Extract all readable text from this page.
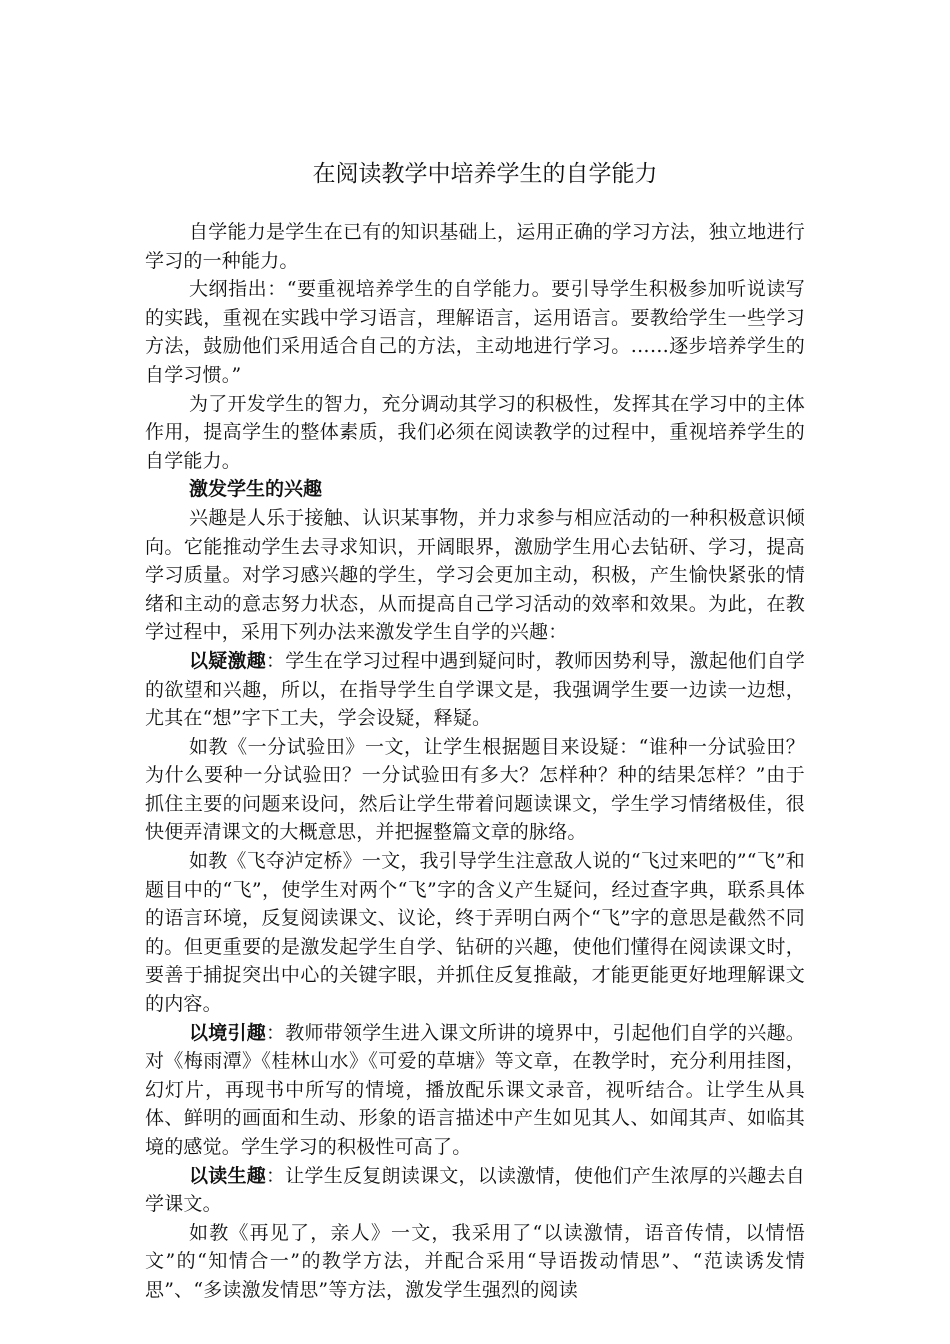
在阅读教学中培养学生的自学能力

自学能力是学生在已有的知识基础上，运用正确的学习方法，独立地进行学习的一种能力。

大纲指出：“要重视培养学生的自学能力。要引导学生积极参加听说读写的实践，重视在实践中学习语言，理解语言，运用语言。要教给学生一些学习方法，鼓励他们采用适合自己的方法，主动地进行学习。……逐步培养学生的自学习惯。”

为了开发学生的智力，充分调动其学习的积极性，发挥其在学习中的主体作用，提高学生的整体素质，我们必须在阅读教学的过程中，重视培养学生的自学能力。

激发学生的兴趣

兴趣是人乐于接触、认识某事物，并力求参与相应活动的一种积极意识倾向。它能推动学生去寻求知识，开阔眼界，激励学生用心去钻研、学习，提高学习质量。对学习感兴趣的学生，学习会更加主动，积极，产生愉快紧张的情绪和主动的意志努力状态，从而提高自己学习活动的效率和效果。为此，在教学过程中，采用下列办法来激发学生自学的兴趣：

以疑激趣：学生在学习过程中遇到疑问时，教师因势利导，激起他们自学的欲望和兴趣，所以，在指导学生自学课文是，我强调学生要一边读一边想，尤其在“想”字下工夫，学会设疑，释疑。

如教《一分试验田》一文，让学生根据题目来设疑：“谁种一分试验田？为什么要种一分试验田？一分试验田有多大？怎样种？种的结果怎样？”由于抓住主要的问题来设问，然后让学生带着问题读课文，学生学习情绪极佳，很快便弄清课文的大概意思，并把握整篇文章的脉络。

如教《飞夺泸定桥》一文，我引导学生注意敌人说的“飞过来吧的”“飞”和题目中的“飞”，使学生对两个“飞”字的含义产生疑问，经过查字典，联系具体的语言环境，反复阅读课文、议论，终于弄明白两个“飞”字的意思是截然不同的。但更重要的是激发起学生自学、钻研的兴趣，使他们懂得在阅读课文时，要善于捕捉突出中心的关键字眼，并抓住反复推敲，才能更能更好地理解课文的内容。

以境引趣：教师带领学生进入课文所讲的境界中，引起他们自学的兴趣。对《梅雨潭》《桂林山水》《可爱的草塘》等文章，在教学时，充分利用挂图，幻灯片，再现书中所写的情境，播放配乐课文录音，视听结合。让学生从具体、鲜明的画面和生动、形象的语言描述中产生如见其人、如闻其声、如临其境的感觉。学生学习的积极性可高了。

以读生趣：让学生反复朗读课文，以读激情，使他们产生浓厚的兴趣去自学课文。

如教《再见了，亲人》一文，我采用了“以读激情，语音传情，以情悟文”的“知情合一”的教学方法，并配合采用“导语拨动情思”、“范读诱发情思”、“多读激发情思”等方法，激发学生强烈的阅读
